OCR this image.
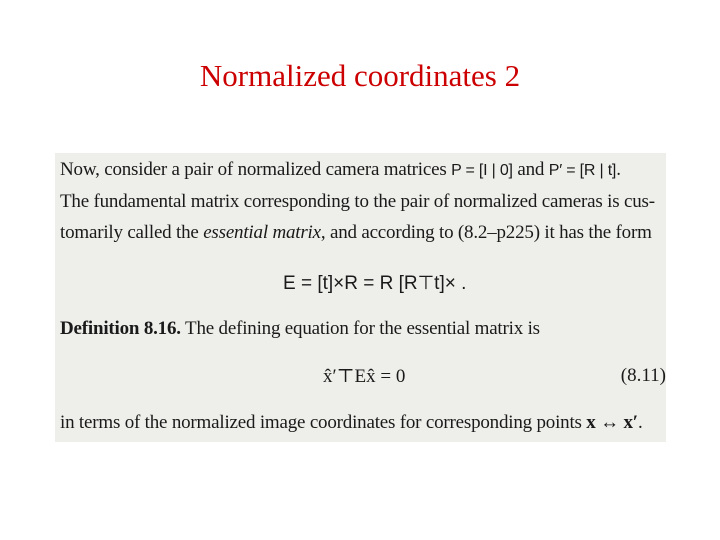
Normalized coordinates 2
Now, consider a pair of normalized camera matrices P = [I | 0] and P′ = [R | t].
The fundamental matrix corresponding to the pair of normalized cameras is cus-
tomarily called the essential matrix, and according to (8.2–p225) it has the form
E = [t]×R = R [R⊤t]× .
Definition 8.16. The defining equation for the essential matrix is
x̂′⊤Ex̂ = 0	(8.11)
in terms of the normalized image coordinates for corresponding points x ↔ x′.
